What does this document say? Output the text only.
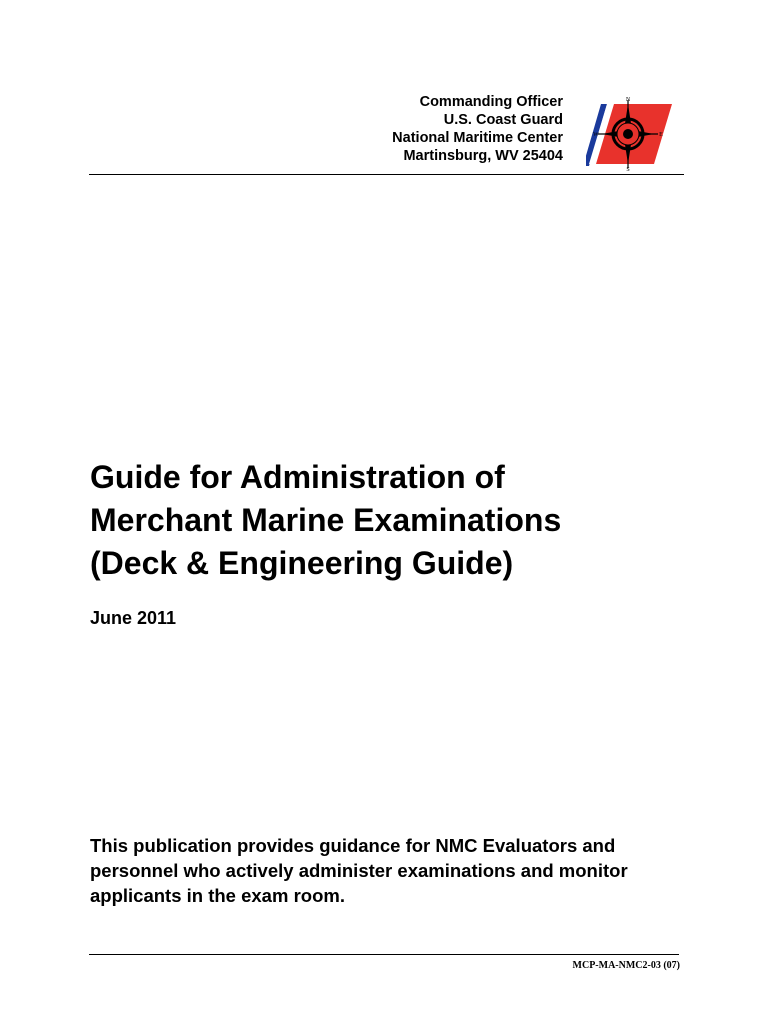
Commanding Officer
U.S. Coast Guard
National Maritime Center
Martinsburg, WV 25404
N
S
W	E
Guide for Administration of
Merchant Marine Examinations
(Deck & Engineering Guide)
June 2011
This publication provides guidance for NMC Evaluators and personnel who actively administer examinations and monitor applicants in the exam room.
MCP-MA-NMC2-03 (07)
